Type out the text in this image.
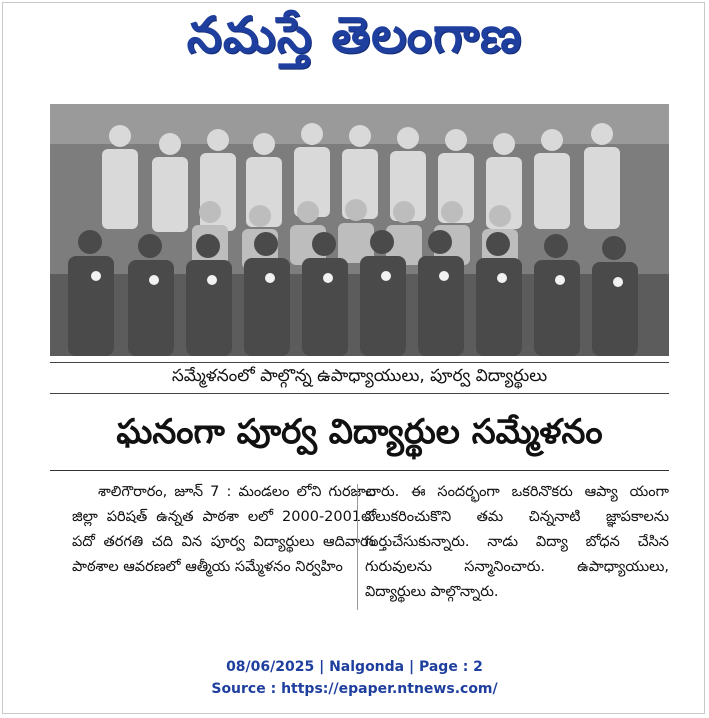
నమస్తే తెలంగాణ
సమ్మేళనంలో పాల్గొన్న ఉపాధ్యాయులు, పూర్వ విద్యార్థులు
ఘనంగా పూర్వ విద్యార్థుల సమ్మేళనం

శాలిగౌరారం, జూన్ 7 : మండలం లోని గురజాల జిల్లా పరిషత్ ఉన్నత పాఠశా లలో 2000-2001లో పదో తరగతి చది విన పూర్వ విద్యార్థులు ఆదివారం పాఠశాల ఆవరణలో ఆత్మీయ సమ్మేళనం నిర్వహిం

చారు. ఈ సందర్భంగా ఒకరినొకరు ఆప్యా యంగా పలుకరించుకొని తమ చిన్ననాటి జ్ఞాపకాలను గుర్తుచేసుకున్నారు. నాడు విద్యా బోధన చేసిన గురువులను సన్మానించారు. ఉపాధ్యాయులు, విద్యార్థులు పాల్గొన్నారు.

08/06/2025 | Nalgonda | Page : 2
Source : https://epaper.ntnews.com/
